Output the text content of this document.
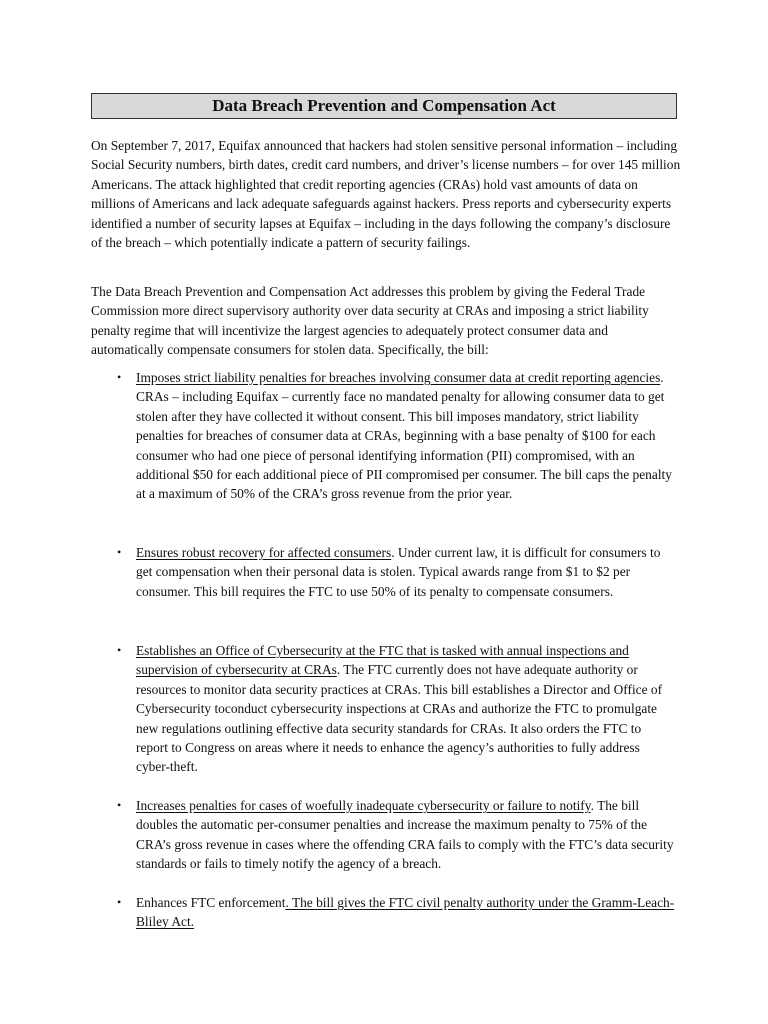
Data Breach Prevention and Compensation Act

On September 7, 2017, Equifax announced that hackers had stolen sensitive personal information – including Social Security numbers, birth dates, credit card numbers, and driver’s license numbers – for over 145 million Americans. The attack highlighted that credit reporting agencies (CRAs) hold vast amounts of data on millions of Americans and lack adequate safeguards against hackers. Press reports and cybersecurity experts identified a number of security lapses at Equifax – including in the days following the company’s disclosure of the breach – which potentially indicate a pattern of security failings.

The Data Breach Prevention and Compensation Act addresses this problem by giving the Federal Trade Commission more direct supervisory authority over data security at CRAs and imposing a strict liability penalty regime that will incentivize the largest agencies to adequately protect consumer data and automatically compensate consumers for stolen data. Specifically, the bill:

•	Imposes strict liability penalties for breaches involving consumer data at credit reporting agencies. CRAs – including Equifax – currently face no mandated penalty for allowing consumer data to get stolen after they have collected it without consent. This bill imposes mandatory, strict liability penalties for breaches of consumer data at CRAs, beginning with a base penalty of $100 for each consumer who had one piece of personal identifying information (PII) compromised, with an additional $50 for each additional piece of PII compromised per consumer. The bill caps the penalty at a maximum of 50% of the CRA’s gross revenue from the prior year.
•	Ensures robust recovery for affected consumers. Under current law, it is difficult for consumers to get compensation when their personal data is stolen. Typical awards range from $1 to $2 per consumer. This bill requires the FTC to use 50% of its penalty to compensate consumers.
•	Establishes an Office of Cybersecurity at the FTC that is tasked with annual inspections and supervision of cybersecurity at CRAs. The FTC currently does not have adequate authority or resources to monitor data security practices at CRAs. This bill establishes a Director and Office of Cybersecurity toconduct cybersecurity inspections at CRAs and authorize the FTC to promulgate new regulations outlining effective data security standards for CRAs. It also orders the FTC to report to Congress on areas where it needs to enhance the agency’s authorities to fully address cyber-theft.
•	Increases penalties for cases of woefully inadequate cybersecurity or failure to notify. The bill doubles the automatic per-consumer penalties and increase the maximum penalty to 75% of the CRA’s gross revenue in cases where the offending CRA fails to comply with the FTC’s data security standards or fails to timely notify the agency of a breach.
•	Enhances FTC enforcement. The bill gives the FTC civil penalty authority under the Gramm-Leach-Bliley Act.
